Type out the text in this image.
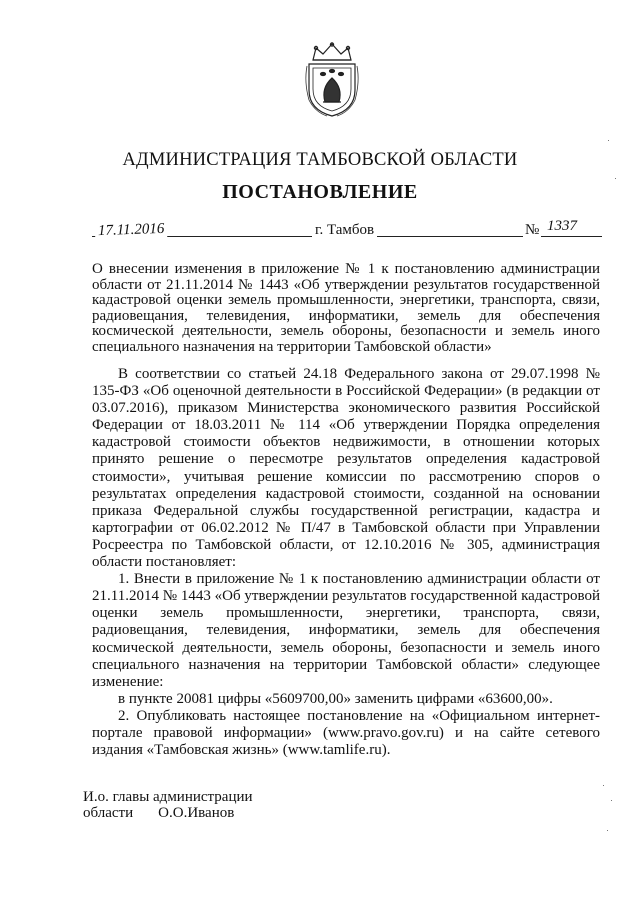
АДМИНИСТРАЦИЯ ТАМБОВСКОЙ ОБЛАСТИ
ПОСТАНОВЛЕНИЕ
17.11.2016	г. Тамбов	№ 1337
О внесении изменения в приложение № 1 к постановлению администрации области от 21.11.2014 № 1443 «Об утверждении результатов государственной кадастровой оценки земель промышленности, энергетики, транспорта, связи, радиовещания, телевидения, информатики, земель для обеспечения космической деятельности, земель обороны, безопасности и земель иного специального назначения на территории Тамбовской области»

В соответствии со статьей 24.18 Федерального закона от 29.07.1998 № 135-ФЗ «Об оценочной деятельности в Российской Федерации» (в редакции от 03.07.2016), приказом Министерства экономического развития Российской Федерации от 18.03.2011 № 114 «Об утверждении Порядка определения кадастровой стоимости объектов недвижимости, в отношении которых принято решение о пересмотре результатов определения кадастровой стоимости», учитывая решение комиссии по рассмотрению споров о результатах определения кадастровой стоимости, созданной на основании приказа Федеральной службы государственной регистрации, кадастра и картографии от 06.02.2012 № П/47 в Тамбовской области при Управлении Росреестра по Тамбовской области, от 12.10.2016 № 305, администрация области постановляет:

1. Внести в приложение № 1 к постановлению администрации области от 21.11.2014 № 1443 «Об утверждении результатов государственной кадастровой оценки земель промышленности, энергетики, транспорта, связи, радиовещания, телевидения, информатики, земель для обеспечения космической деятельности, земель обороны, безопасности и земель иного специального назначения на территории Тамбовской области» следующее изменение:

в пункте 20081 цифры «5609700,00» заменить цифрами «63600,00».

2. Опубликовать настоящее постановление на «Официальном интернет-портале правовой информации» (www.pravo.gov.ru) и на сайте сетевого издания «Тамбовская жизнь» (www.tamlife.ru).

И.о. главы администрации
области О.О.Иванов
